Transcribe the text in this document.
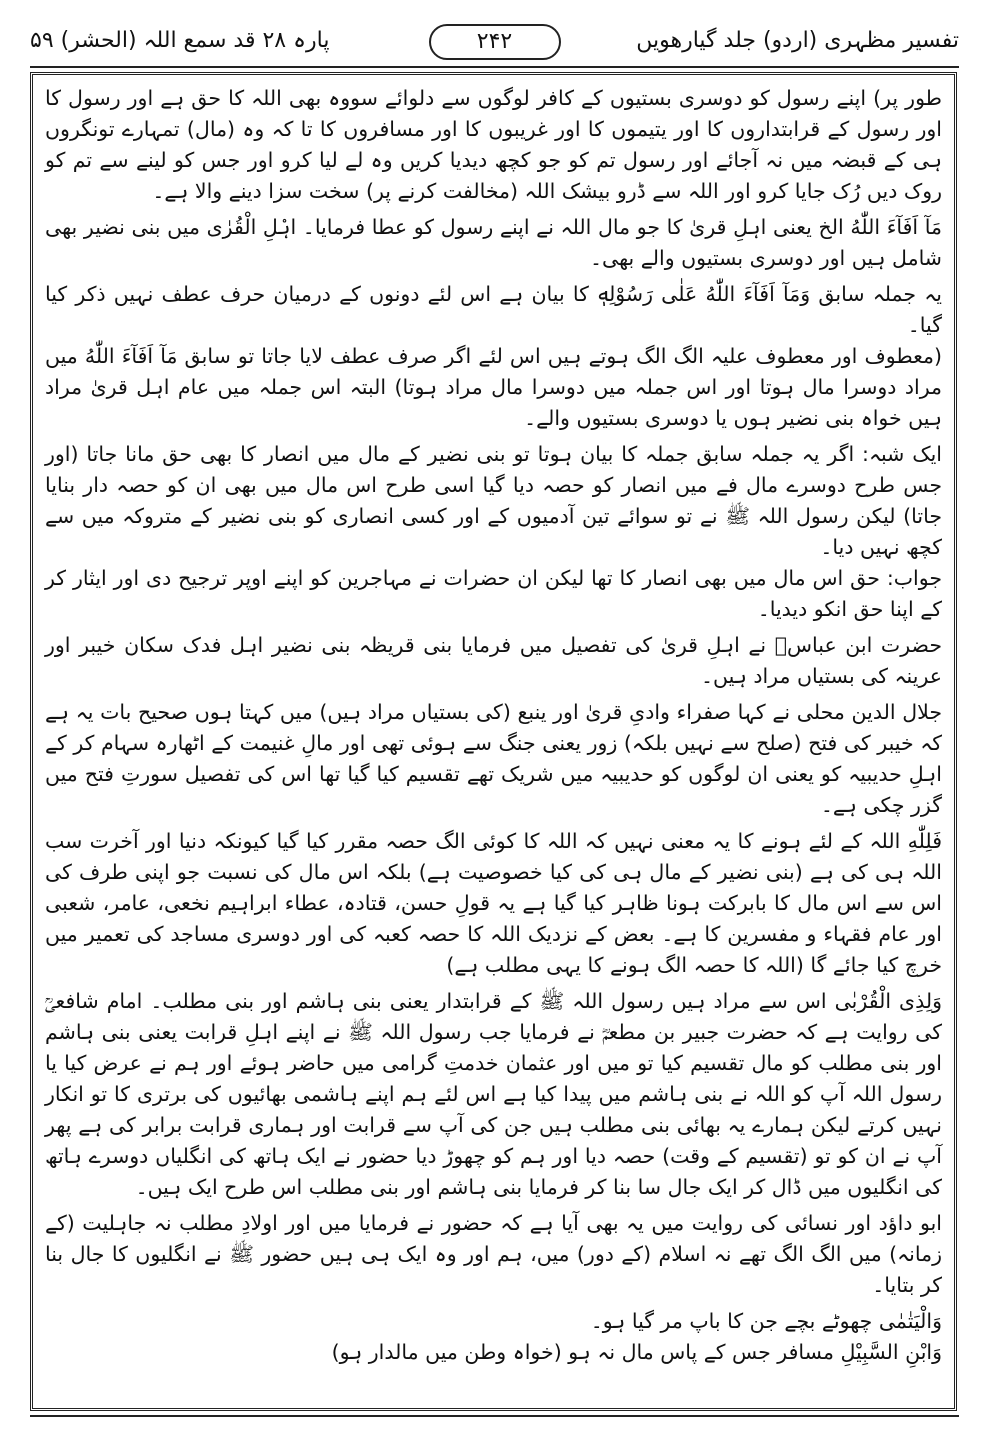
تفسیر مظہری (اردو) جلد گیارھویں
۲۴۲
پارہ ۲۸ قد سمع اللہ (الحشر) ۵۹

طور پر) اپنے رسول کو دوسری بستیوں کے کافر لوگوں سے دلوائے سووہ بھی اللہ کا حق ہے اور رسول کا اور رسول کے قرابتداروں کا اور یتیموں کا اور غریبوں کا اور مسافروں کا تا کہ وہ (مال) تمہارے تونگروں ہی کے قبضہ میں نہ آجائے اور رسول تم کو جو کچھ دیدیا کریں وہ لے لیا کرو اور جس کو لینے سے تم کو روک دیں رُک جایا کرو اور اللہ سے ڈرو بیشک اللہ (مخالفت کرنے پر) سخت سزا دینے والا ہے۔

مَآ اَفَآءَ اللّٰهُ الخ یعنی اہلِ قریٰ کا جو مال اللہ نے اپنے رسول کو عطا فرمایا۔ اہْلِ الْقُرٰی میں بنی نضیر بھی شامل ہیں اور دوسری بستیوں والے بھی۔

یہ جملہ سابق وَمَآ اَفَآءَ اللّٰهُ عَلٰی رَسُوْلِهٖ کا بیان ہے اس لئے دونوں کے درمیان حرف عطف نہیں ذکر کیا گیا۔

(معطوف اور معطوف علیہ الگ الگ ہوتے ہیں اس لئے اگر صرف عطف لایا جاتا تو سابق مَآ اَفَآءَ اللّٰهُ میں مراد دوسرا مال ہوتا اور اس جملہ میں دوسرا مال مراد ہوتا) البتہ اس جملہ میں عام اہل قریٰ مراد ہیں خواہ بنی نضیر ہوں یا دوسری بستیوں والے۔

ایک شبہ: اگر یہ جملہ سابق جملہ کا بیان ہوتا تو بنی نضیر کے مال میں انصار کا بھی حق مانا جاتا (اور جس طرح دوسرے مال فے میں انصار کو حصہ دیا گیا اسی طرح اس مال میں بھی ان کو حصہ دار بنایا جاتا) لیکن رسول اللہ ﷺ نے تو سوائے تین آدمیوں کے اور کسی انصاری کو بنی نضیر کے متروکہ میں سے کچھ نہیں دیا۔

جواب: حق اس مال میں بھی انصار کا تھا لیکن ان حضرات نے مہاجرین کو اپنے اوپر ترجیح دی اور ایثار کر کے اپنا حق انکو دیدیا۔

حضرت ابن عباسؓ نے اہلِ قریٰ کی تفصیل میں فرمایا بنی قریظہ بنی نضیر اہل فدک سکان خیبر اور عرینہ کی بستیاں مراد ہیں۔

جلال الدین محلی نے کہا صفراء وادیِ قریٰ اور ینبع (کی بستیاں مراد ہیں) میں کہتا ہوں صحیح بات یہ ہے کہ خیبر کی فتح (صلح سے نہیں بلکہ) زور یعنی جنگ سے ہوئی تھی اور مالِ غنیمت کے اٹھارہ سہام کر کے اہلِ حدیبیہ کو یعنی ان لوگوں کو حدیبیہ میں شریک تھے تقسیم کیا گیا تھا اس کی تفصیل سورتِ فتح میں گزر چکی ہے۔

فَلِلّٰهِ اللہ کے لئے ہونے کا یہ معنی نہیں کہ اللہ کا کوئی الگ حصہ مقرر کیا گیا کیونکہ دنیا اور آخرت سب اللہ ہی کی ہے (بنی نضیر کے مال ہی کی کیا خصوصیت ہے) بلکہ اس مال کی نسبت جو اپنی طرف کی اس سے اس مال کا بابرکت ہونا ظاہر کیا گیا ہے یہ قولِ حسن، قتادہ، عطاء ابراہیم نخعی، عامر، شعبی اور عام فقہاء و مفسرین کا ہے۔ بعض کے نزدیک اللہ کا حصہ کعبہ کی اور دوسری مساجد کی تعمیر میں خرچ کیا جائے گا (اللہ کا حصہ الگ ہونے کا یہی مطلب ہے)

وَلِذِی الْقُرْبٰی اس سے مراد ہیں رسول اللہ ﷺ کے قرابتدار یعنی بنی ہاشم اور بنی مطلب۔ امام شافعیؒ کی روایت ہے کہ حضرت جبیر بن مطعمؓ نے فرمایا جب رسول اللہ ﷺ نے اپنے اہلِ قرابت یعنی بنی ہاشم اور بنی مطلب کو مال تقسیم کیا تو میں اور عثمان خدمتِ گرامی میں حاضر ہوئے اور ہم نے عرض کیا یا رسول اللہ آپ کو اللہ نے بنی ہاشم میں پیدا کیا ہے اس لئے ہم اپنے ہاشمی بھائیوں کی برتری کا تو انکار نہیں کرتے لیکن ہمارے یہ بھائی بنی مطلب ہیں جن کی آپ سے قرابت اور ہماری قرابت برابر کی ہے پھر آپ نے ان کو تو (تقسیم کے وقت) حصہ دیا اور ہم کو چھوڑ دیا حضور نے ایک ہاتھ کی انگلیاں دوسرے ہاتھ کی انگلیوں میں ڈال کر ایک جال سا بنا کر فرمایا بنی ہاشم اور بنی مطلب اس طرح ایک ہیں۔

ابو داؤد اور نسائی کی روایت میں یہ بھی آیا ہے کہ حضور نے فرمایا میں اور اولادِ مطلب نہ جاہلیت (کے زمانہ) میں الگ الگ تھے نہ اسلام (کے دور) میں، ہم اور وہ ایک ہی ہیں حضور ﷺ نے انگلیوں کا جال بنا کر بتایا۔

وَالْیَتٰمٰی چھوٹے بچے جن کا باپ مر گیا ہو۔

وَابْنِ السَّبِیْلِ مسافر جس کے پاس مال نہ ہو (خواہ وطن میں مالدار ہو)
